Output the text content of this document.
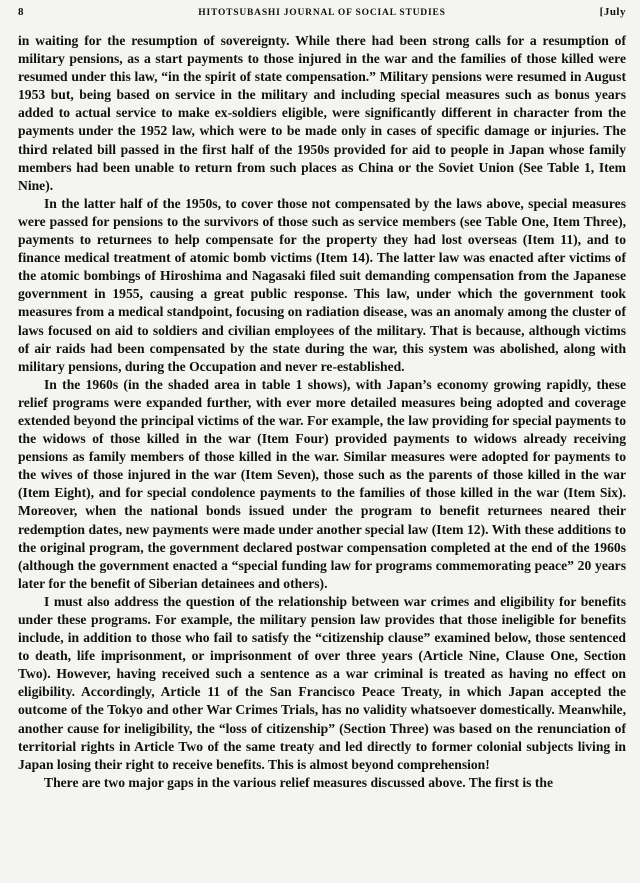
8	HITOTSUBASHI JOURNAL OF SOCIAL STUDIES	[July

in waiting for the resumption of sovereignty. While there had been strong calls for a resumption of military pensions, as a start payments to those injured in the war and the families of those killed were resumed under this law, “in the spirit of state compensation.” Military pensions were resumed in August 1953 but, being based on service in the military and including special measures such as bonus years added to actual service to make ex-soldiers eligible, were significantly different in character from the payments under the 1952 law, which were to be made only in cases of specific damage or injuries. The third related bill passed in the first half of the 1950s provided for aid to people in Japan whose family members had been unable to return from such places as China or the Soviet Union (See Table 1, Item Nine).

In the latter half of the 1950s, to cover those not compensated by the laws above, special measures were passed for pensions to the survivors of those such as service members (see Table One, Item Three), payments to returnees to help compensate for the property they had lost overseas (Item 11), and to finance medical treatment of atomic bomb victims (Item 14). The latter law was enacted after victims of the atomic bombings of Hiroshima and Nagasaki filed suit demanding compensation from the Japanese government in 1955, causing a great public response. This law, under which the government took measures from a medical standpoint, focusing on radiation disease, was an anomaly among the cluster of laws focused on aid to soldiers and civilian employees of the military. That is because, although victims of air raids had been compensated by the state during the war, this system was abolished, along with military pensions, during the Occupation and never re-established.

In the 1960s (in the shaded area in table 1 shows), with Japan’s economy growing rapidly, these relief programs were expanded further, with ever more detailed measures being adopted and coverage extended beyond the principal victims of the war. For example, the law providing for special payments to the widows of those killed in the war (Item Four) provided payments to widows already receiving pensions as family members of those killed in the war. Similar measures were adopted for payments to the wives of those injured in the war (Item Seven), those such as the parents of those killed in the war (Item Eight), and for special condolence payments to the families of those killed in the war (Item Six). Moreover, when the national bonds issued under the program to benefit returnees neared their redemption dates, new payments were made under another special law (Item 12). With these additions to the original program, the government declared postwar compensation completed at the end of the 1960s (although the government enacted a “special funding law for programs commemorating peace” 20 years later for the benefit of Siberian detainees and others).

I must also address the question of the relationship between war crimes and eligibility for benefits under these programs. For example, the military pension law provides that those ineligible for benefits include, in addition to those who fail to satisfy the “citizenship clause” examined below, those sentenced to death, life imprisonment, or imprisonment of over three years (Article Nine, Clause One, Section Two). However, having received such a sentence as a war criminal is treated as having no effect on eligibility. Accordingly, Article 11 of the San Francisco Peace Treaty, in which Japan accepted the outcome of the Tokyo and other War Crimes Trials, has no validity whatsoever domestically. Meanwhile, another cause for ineligibility, the “loss of citizenship” (Section Three) was based on the renunciation of territorial rights in Article Two of the same treaty and led directly to former colonial subjects living in Japan losing their right to receive benefits. This is almost beyond comprehension!

There are two major gaps in the various relief measures discussed above. The first is the
